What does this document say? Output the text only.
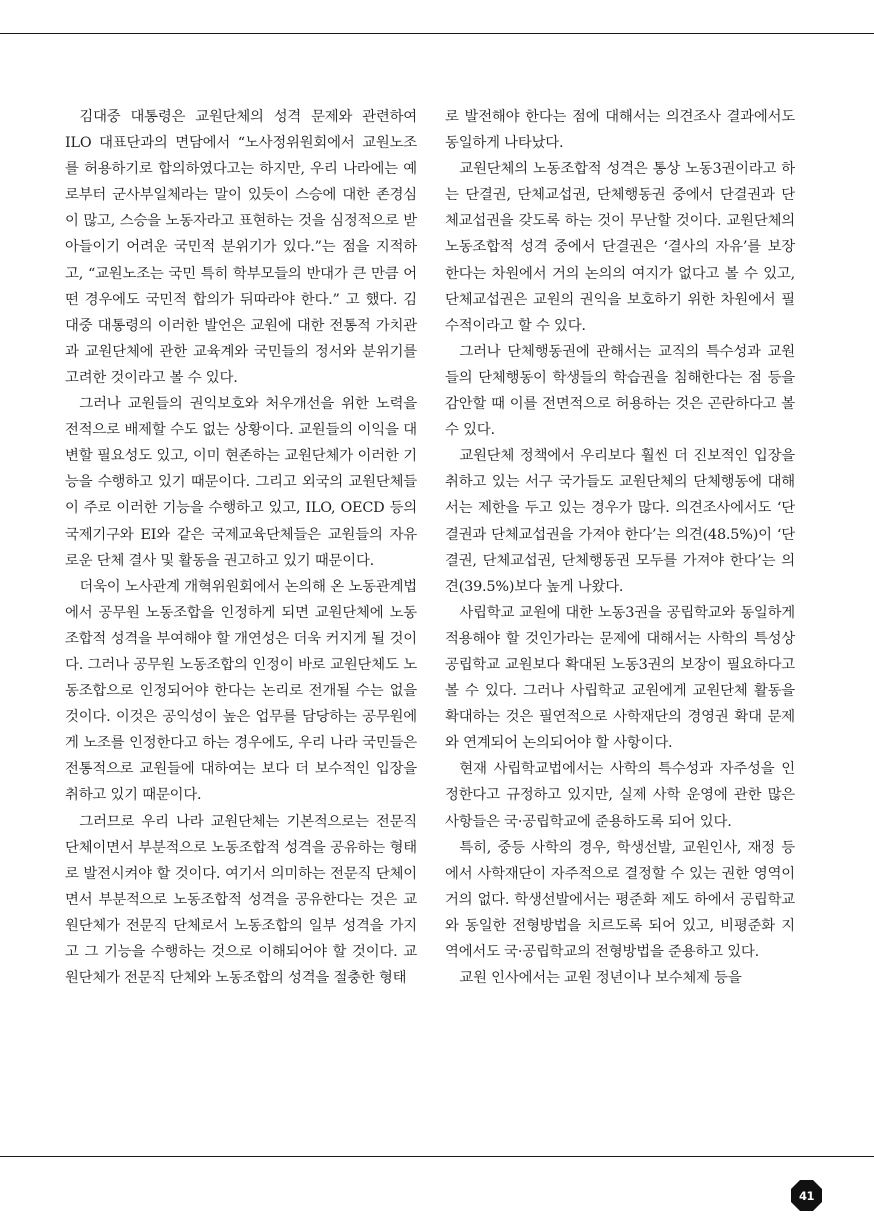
김대중 대통령은 교원단체의 성격 문제와 관련하여 ILO 대표단과의 면담에서 “노사정위원회에서 교원노조를 허용하기로 합의하였다고는 하지만, 우리 나라에는 예로부터 군사부일체라는 말이 있듯이 스승에 대한 존경심이 많고, 스승을 노동자라고 표현하는 것을 심정적으로 받아들이기 어려운 국민적 분위기가 있다.”는 점을 지적하고, “교원노조는 국민 특히 학부모들의 반대가 큰 만큼 어떤 경우에도 국민적 합의가 뒤따라야 한다.” 고 했다. 김대중 대통령의 이러한 발언은 교원에 대한 전통적 가치관과 교원단체에 관한 교육계와 국민들의 정서와 분위기를 고려한 것이라고 볼 수 있다.

그러나 교원들의 권익보호와 처우개선을 위한 노력을 전적으로 배제할 수도 없는 상황이다. 교원들의 이익을 대변할 필요성도 있고, 이미 현존하는 교원단체가 이러한 기능을 수행하고 있기 때문이다. 그리고 외국의 교원단체들이 주로 이러한 기능을 수행하고 있고, ILO, OECD 등의 국제기구와 EI와 같은 국제교육단체들은 교원들의 자유로운 단체 결사 및 활동을 권고하고 있기 때문이다.

더욱이 노사관계 개혁위원회에서 논의해 온 노동관계법에서 공무원 노동조합을 인정하게 되면 교원단체에 노동조합적 성격을 부여해야 할 개연성은 더욱 커지게 될 것이다. 그러나 공무원 노동조합의 인정이 바로 교원단체도 노동조합으로 인정되어야 한다는 논리로 전개될 수는 없을 것이다. 이것은 공익성이 높은 업무를 담당하는 공무원에게 노조를 인정한다고 하는 경우에도, 우리 나라 국민들은 전통적으로 교원들에 대하여는 보다 더 보수적인 입장을 취하고 있기 때문이다.

그러므로 우리 나라 교원단체는 기본적으로는 전문직 단체이면서 부분적으로 노동조합적 성격을 공유하는 형태로 발전시켜야 할 것이다. 여기서 의미하는 전문직 단체이면서 부분적으로 노동조합적 성격을 공유한다는 것은 교원단체가 전문직 단체로서 노동조합의 일부 성격을 가지고 그 기능을 수행하는 것으로 이해되어야 할 것이다. 교원단체가 전문직 단체와 노동조합의 성격을 절충한 형태

로 발전해야 한다는 점에 대해서는 의견조사 결과에서도 동일하게 나타났다.

교원단체의 노동조합적 성격은 통상 노동3권이라고 하는 단결권, 단체교섭권, 단체행동권 중에서 단결권과 단체교섭권을 갖도록 하는 것이 무난할 것이다. 교원단체의 노동조합적 성격 중에서 단결권은 ‘결사의 자유’를 보장한다는 차원에서 거의 논의의 여지가 없다고 볼 수 있고, 단체교섭권은 교원의 권익을 보호하기 위한 차원에서 필수적이라고 할 수 있다.

그러나 단체행동권에 관해서는 교직의 특수성과 교원들의 단체행동이 학생들의 학습권을 침해한다는 점 등을 감안할 때 이를 전면적으로 허용하는 것은 곤란하다고 볼 수 있다.

교원단체 정책에서 우리보다 훨씬 더 진보적인 입장을 취하고 있는 서구 국가들도 교원단체의 단체행동에 대해서는 제한을 두고 있는 경우가 많다. 의견조사에서도 ‘단결권과 단체교섭권을 가져야 한다’는 의견(48.5%)이 ‘단결권, 단체교섭권, 단체행동권 모두를 가져야 한다’는 의견(39.5%)보다 높게 나왔다.

사립학교 교원에 대한 노동3권을 공립학교와 동일하게 적용해야 할 것인가라는 문제에 대해서는 사학의 특성상 공립학교 교원보다 확대된 노동3권의 보장이 필요하다고 볼 수 있다. 그러나 사립학교 교원에게 교원단체 활동을 확대하는 것은 필연적으로 사학재단의 경영권 확대 문제와 연계되어 논의되어야 할 사항이다.

현재 사립학교법에서는 사학의 특수성과 자주성을 인정한다고 규정하고 있지만, 실제 사학 운영에 관한 많은 사항들은 국·공립학교에 준용하도록 되어 있다.

특히, 중등 사학의 경우, 학생선발, 교원인사, 재정 등에서 사학재단이 자주적으로 결정할 수 있는 권한 영역이 거의 없다. 학생선발에서는 평준화 제도 하에서 공립학교와 동일한 전형방법을 치르도록 되어 있고, 비평준화 지역에서도 국·공립학교의 전형방법을 준용하고 있다.

교원 인사에서는 교원 정년이나 보수체제 등을

41
